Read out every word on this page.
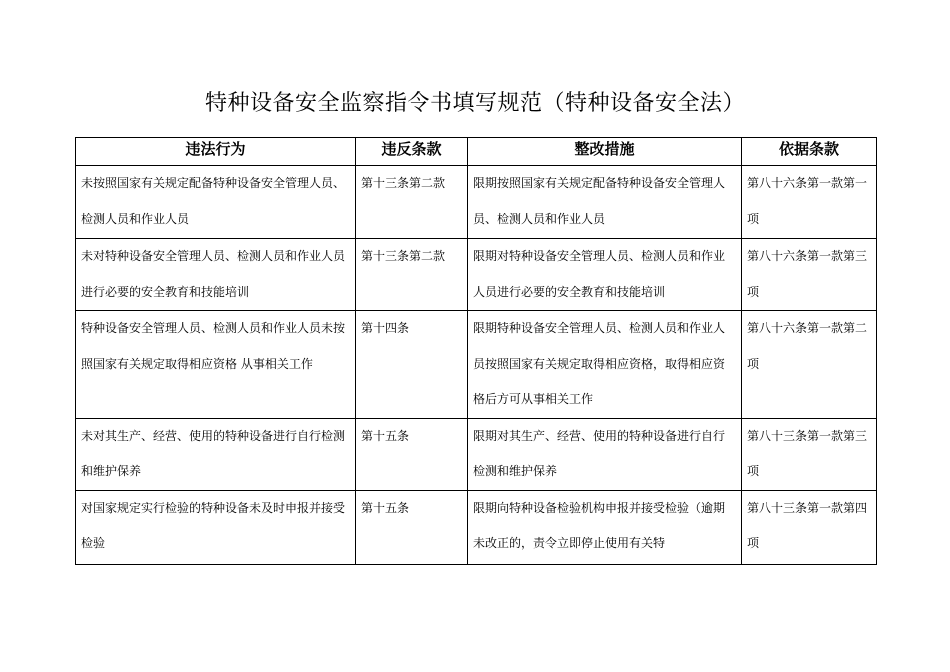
特种设备安全监察指令书填写规范（特种设备安全法）
违法行为	违反条款	整改措施	依据条款

未按照国家有关规定配备特种设备安全管理人员、检测人员和作业人员	第十三条第二款	限期按照国家有关规定配备特种设备安全管理人员、检测人员和作业人员	第八十六条第一款第一项

未对特种设备安全管理人员、检测人员和作业人员进行必要的安全教育和技能培训	第十三条第二款	限期对特种设备安全管理人员、检测人员和作业人员进行必要的安全教育和技能培训	第八十六条第一款第三项

特种设备安全管理人员、检测人员和作业人员未按照国家有关规定取得相应资格 从事相关工作	第十四条	限期特种设备安全管理人员、检测人员和作业人员按照国家有关规定取得相应资格，取得相应资格后方可从事相关工作	第八十六条第一款第二项

未对其生产、经营、使用的特种设备进行自行检测和维护保养	第十五条	限期对其生产、经营、使用的特种设备进行自行检测和维护保养	第八十三条第一款第三项

对国家规定实行检验的特种设备未及时申报并接受检验	第十五条	限期向特种设备检验机构申报并接受检验（逾期未改正的，责令立即停止使用有关特	第八十三条第一款第四项
